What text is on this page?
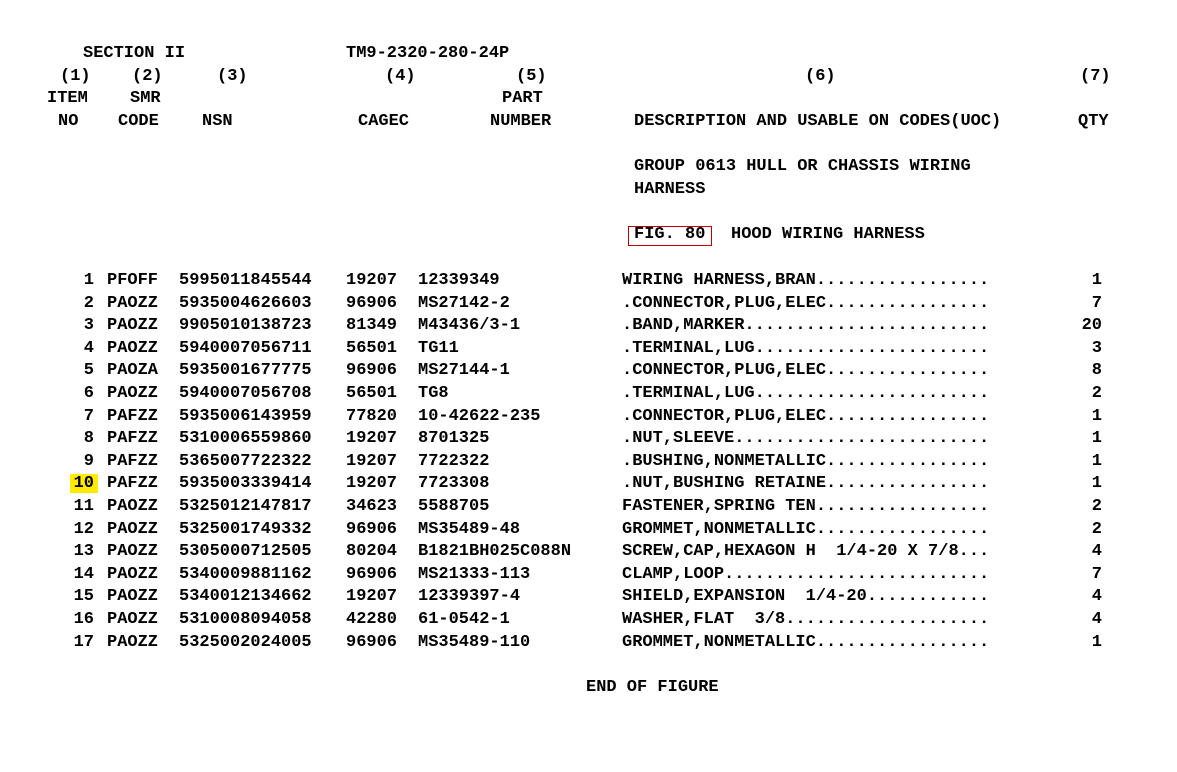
SECTION II	TM9-2320-280-24P
(1) (2)	(3)	(4)	(5)	(6)	(7)
ITEM SMR	PART
NO CODE	NSN	CAGEC	NUMBER	DESCRIPTION AND USABLE ON CODES(UOC)	QTY
GROUP 0613 HULL OR CHASSIS WIRING
HARNESS
FIG. 80 HOOD WIRING HARNESS
1 PFOFF 5995011845544 19207 12339349	WIRING HARNESS,BRAN.................	1
2 PAOZZ 5935004626603 96906 MS27142-2	.CONNECTOR,PLUG,ELEC................	7
3 PAOZZ 9905010138723 81349 M43436/3-1	.BAND,MARKER........................	20
4 PAOZZ 5940007056711 56501 TG11	.TERMINAL,LUG.......................	3
5 PAOZA 5935001677775 96906 MS27144-1	.CONNECTOR,PLUG,ELEC................	8
6 PAOZZ 5940007056708 56501 TG8	.TERMINAL,LUG.......................	2
7 PAFZZ 5935006143959 77820 10-42622-235	.CONNECTOR,PLUG,ELEC................	1
8 PAFZZ 5310006559860 19207 8701325	.NUT,SLEEVE.........................	1
9 PAFZZ 5365007722322 19207 7722322	.BUSHING,NONMETALLIC................	1
10 PAFZZ 5935003339414 19207 7723308	.NUT,BUSHING RETAINE................	1
11 PAOZZ 5325012147817 34623 5588705	FASTENER,SPRING TEN.................	2
12 PAOZZ 5325001749332 96906 MS35489-48	GROMMET,NONMETALLIC.................	2
13 PAOZZ 5305000712505 80204 B1821BH025C088N	SCREW,CAP,HEXAGON H  1/4-20 X 7/8...	4
14 PAOZZ 5340009881162 96906 MS21333-113	CLAMP,LOOP..........................	7
15 PAOZZ 5340012134662 19207 12339397-4	SHIELD,EXPANSION  1/4-20............	4
16 PAOZZ 5310008094058 42280 61-0542-1	WASHER,FLAT  3/8....................	4
17 PAOZZ 5325002024005 96906 MS35489-110	GROMMET,NONMETALLIC.................	1
END OF FIGURE
